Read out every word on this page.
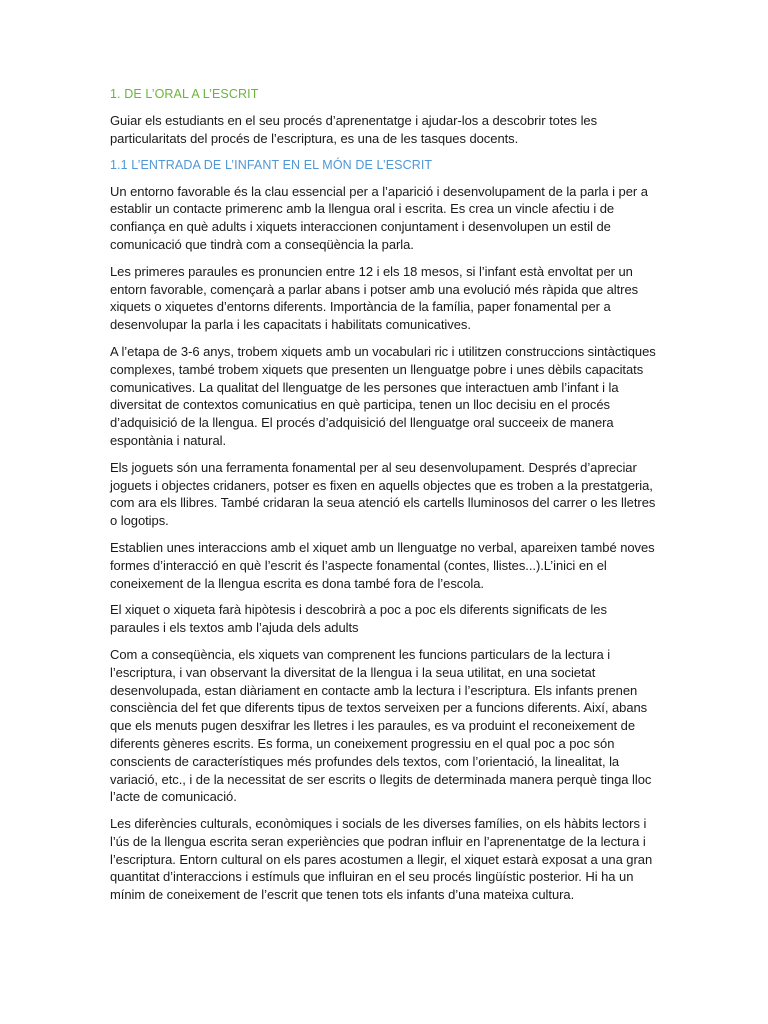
1. DE L’ORAL A L’ESCRIT

Guiar els estudiants en el seu procés d’aprenentatge i ajudar-los a descobrir totes les particularitats del procés de l’escriptura, es una de les tasques docents.

1.1 L’ENTRADA DE L’INFANT EN EL MÓN DE L’ESCRIT

Un entorno favorable és la clau essencial per a l’aparició i desenvolupament de la parla i per a establir un contacte primerenc amb la llengua oral i escrita. Es crea un vincle afectiu i de confiança en què adults i xiquets interaccionen conjuntament i desenvolupen un estil de comunicació que tindrà com a conseqüència la parla.

Les primeres paraules es pronuncien entre 12 i els 18 mesos, si l’infant està envoltat per un entorn favorable, començarà a parlar abans i potser amb una evolució més ràpida que altres xiquets o xiquetes d’entorns diferents. Importància de la família, paper fonamental per a desenvolupar la parla i les capacitats i habilitats comunicatives.

A l’etapa de 3-6 anys, trobem xiquets amb un vocabulari ric i utilitzen construccions sintàctiques complexes, també trobem xiquets que presenten un llenguatge pobre i unes dèbils capacitats comunicatives. La qualitat del llenguatge de les persones que interactuen amb l’infant i la diversitat de contextos comunicatius en què participa, tenen un lloc decisiu en el procés d’adquisició de la llengua. El procés d’adquisició del llenguatge oral succeeix de manera espontània i natural.

Els joguets són una ferramenta fonamental per al seu desenvolupament. Després d’apreciar joguets i objectes cridaners, potser es fixen en aquells objectes que es troben a la prestatgeria, com ara els llibres. També cridaran la seua atenció els cartells lluminosos del carrer o les lletres o logotips.

Establien unes interaccions amb el xiquet amb un llenguatge no verbal, apareixen també noves formes d’interacció en què l’escrit és l’aspecte fonamental (contes, llistes...).L’inici en el coneixement de la llengua escrita es dona també fora de l’escola.

El xiquet o xiqueta farà hipòtesis i descobrirà a poc a poc els diferents significats de les paraules i els textos amb l’ajuda dels adults

Com a conseqüència, els xiquets van comprenent les funcions particulars de la lectura i l’escriptura, i van observant la diversitat de la llengua i la seua utilitat, en una societat desenvolupada, estan diàriament en contacte amb la lectura i l’escriptura. Els infants prenen consciència del fet que diferents tipus de textos serveixen per a funcions diferents. Així, abans que els menuts pugen desxifrar les lletres i les paraules, es va produint el reconeixement de diferents gèneres escrits. Es forma, un coneixement progressiu en el qual poc a poc són conscients de característiques més profundes dels textos, com l’orientació, la linealitat, la variació, etc., i de la necessitat de ser escrits o llegits de determinada manera perquè tinga lloc l’acte de comunicació.

Les diferències culturals, econòmiques i socials de les diverses famílies, on els hàbits lectors i l’ús de la llengua escrita seran experiències que podran influir en l’aprenentatge de la lectura i l’escriptura. Entorn cultural on els pares acostumen a llegir, el xiquet estarà exposat a una gran quantitat d’interaccions i estímuls que influiran en el seu procés lingüístic posterior. Hi ha un mínim de coneixement de l’escrit que tenen tots els infants d’una mateixa cultura.
